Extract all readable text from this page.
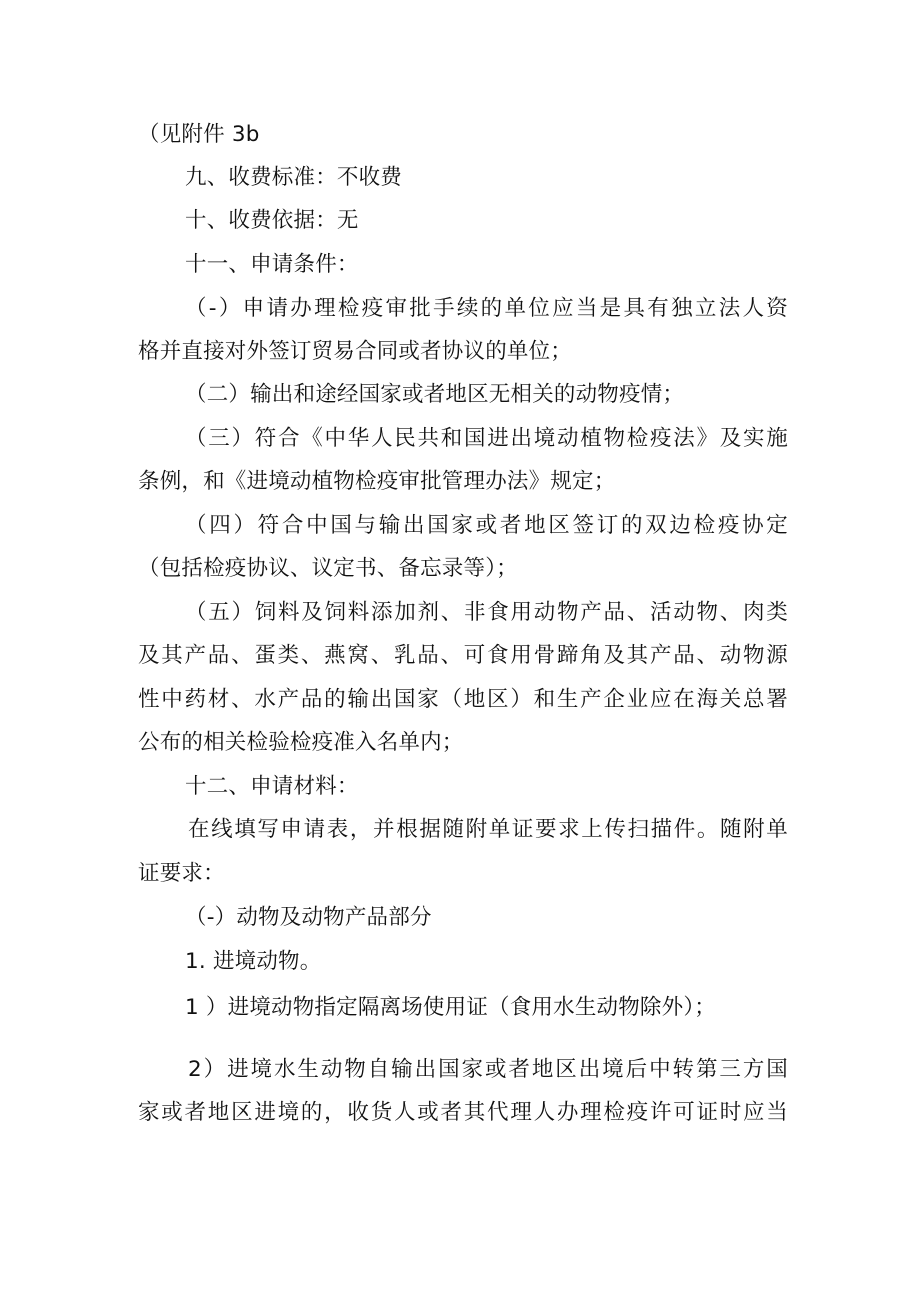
（见附件 3b
九、收费标准：不收费
十、收费依据：无
十一、申请条件：
（-）申请办理检疫审批手续的单位应当是具有独立法人资
格并直接对外签订贸易合同或者协议的单位；
（二）输出和途经国家或者地区无相关的动物疫情；
（三）符合《中华人民共和国进出境动植物检疫法》及实施
条例，和《进境动植物检疫审批管理办法》规定；
（四）符合中国与输出国家或者地区签订的双边检疫协定
（包括检疫协议、议定书、备忘录等）；
（五）饲料及饲料添加剂、非食用动物产品、活动物、肉类
及其产品、蛋类、燕窝、乳品、可食用骨蹄角及其产品、动物源
性中药材、水产品的输出国家（地区）和生产企业应在海关总署
公布的相关检验检疫准入名单内；
十二、申请材料：
在线填写申请表，并根据随附单证要求上传扫描件。随附单
证要求：
（-）动物及动物产品部分
1. 进境动物。
1 ）进境动物指定隔离场使用证（食用水生动物除外）；
2）进境水生动物自输出国家或者地区出境后中转第三方国
家或者地区进境的，收货人或者其代理人办理检疫许可证时应当
